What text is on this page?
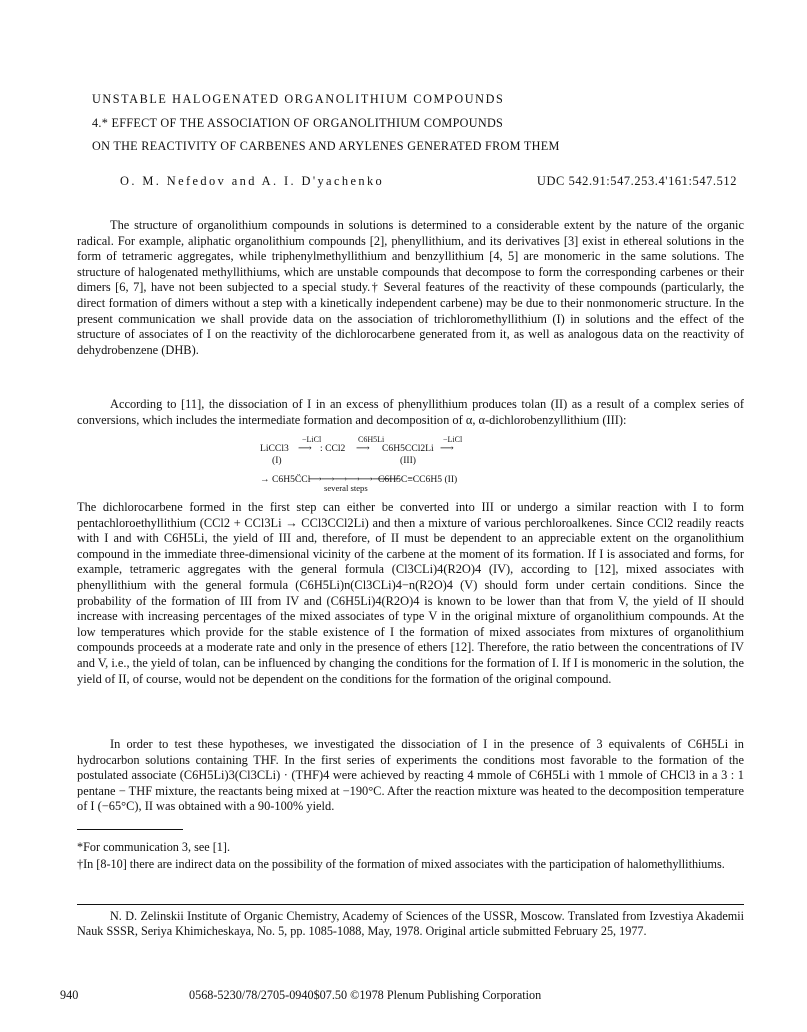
UNSTABLE HALOGENATED ORGANOLITHIUM COMPOUNDS
4.* EFFECT OF THE ASSOCIATION OF ORGANOLITHIUM COMPOUNDS
ON THE REACTIVITY OF CARBENES AND ARYLENES GENERATED FROM THEM
O. M. Nefedov and A. I. D'yachenko	UDC 542.91:547.253.4'161:547.512

The structure of organolithium compounds in solutions is determined to a considerable extent by the nature of the organic radical. For example, aliphatic organolithium compounds [2], phenyllithium, and its derivatives [3] exist in ethereal solutions in the form of tetrameric aggregates, while triphenylmethyllithium and benzyllithium [4, 5] are monomeric in the same solutions. The structure of halogenated methyllithiums, which are unstable compounds that decompose to form the corresponding carbenes or their dimers [6, 7], have not been subjected to a special study.† Several features of the reactivity of these compounds (particularly, the direct formation of dimers without a step with a kinetically independent carbene) may be due to their nonmonomeric structure. In the present communication we shall provide data on the association of trichloromethyllithium (I) in solutions and the effect of the structure of associates of I on the reactivity of the dichlorocarbene generated from it, as well as analogous data on the reactivity of dehydrobenzene (DHB).

According to [11], the dissociation of I in an excess of phenyllithium produces tolan (II) as a result of a complex series of conversions, which includes the intermediate formation and decomposition of α, α-dichlorobenzyllithium (III):

LiCCl3
−LiCl
⟶ : CCl2
C6H5Li
⟶ C6H5CCl2Li
−LiCl
⟶
(I)	(III)
→ C6H5C̈Cl
⟶⟶⟶⟶⟶⟶⟶
several steps
C6H5C≡CC6H5 (II)

The dichlorocarbene formed in the first step can either be converted into III or undergo a similar reaction with I to form pentachloroethyllithium (CCl2 + CCl3Li → CCl3CCl2Li) and then a mixture of various perchloroalkenes. Since CCl2 readily reacts with I and with C6H5Li, the yield of III and, therefore, of II must be dependent to an appreciable extent on the organolithium compound in the immediate three-dimensional vicinity of the carbene at the moment of its formation. If I is associated and forms, for example, tetrameric aggregates with the general formula (Cl3CLi)4(R2O)4 (IV), according to [12], mixed associates with phenyllithium with the general formula (C6H5Li)n(Cl3CLi)4−n(R2O)4 (V) should form under certain conditions. Since the probability of the formation of III from IV and (C6H5Li)4(R2O)4 is known to be lower than that from V, the yield of II should increase with increasing percentages of the mixed associates of type V in the original mixture of organolithium compounds. At the low temperatures which provide for the stable existence of I the formation of mixed associates from mixtures of organolithium compounds proceeds at a moderate rate and only in the presence of ethers [12]. Therefore, the ratio between the concentrations of IV and V, i.e., the yield of tolan, can be influenced by changing the conditions for the formation of I. If I is monomeric in the solution, the yield of II, of course, would not be dependent on the conditions for the formation of the original compound.

In order to test these hypotheses, we investigated the dissociation of I in the presence of 3 equivalents of C6H5Li in hydrocarbon solutions containing THF. In the first series of experiments the conditions most favorable to the formation of the postulated associate (C6H5Li)3(Cl3CLi) · (THF)4 were achieved by reacting 4 mmole of C6H5Li with 1 mmole of CHCl3 in a 3 : 1 pentane − THF mixture, the reactants being mixed at −190°C. After the reaction mixture was heated to the decomposition temperature of I (−65°C), II was obtained with a 90-100% yield.

*For communication 3, see [1].
†In [8-10] there are indirect data on the possibility of the formation of mixed associates with the participation of halomethyllithiums.
N. D. Zelinskii Institute of Organic Chemistry, Academy of Sciences of the USSR, Moscow. Translated from Izvestiya Akademii Nauk SSSR, Seriya Khimicheskaya, No. 5, pp. 1085-1088, May, 1978. Original article submitted February 25, 1977.
940	0568-5230/78/2705-0940$07.50 ©1978 Plenum Publishing Corporation
